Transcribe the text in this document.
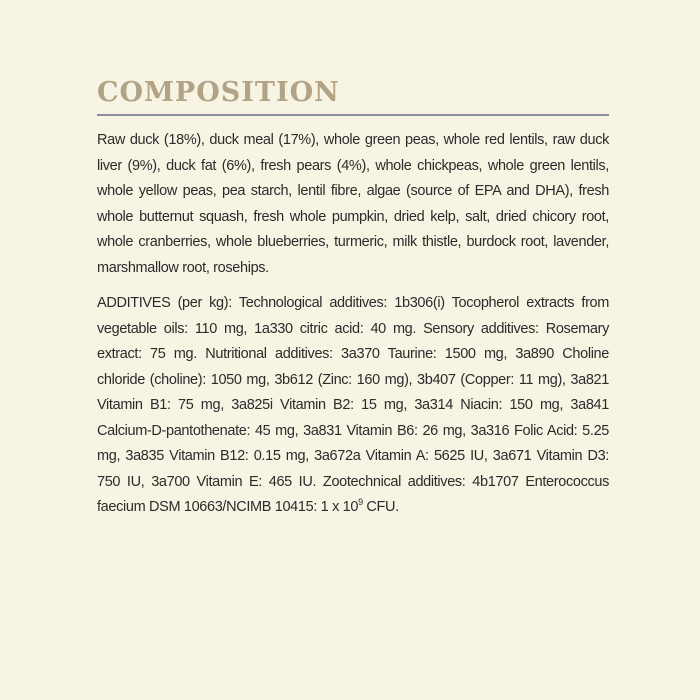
COMPOSITION

Raw duck (18%), duck meal (17%), whole green peas, whole red lentils, raw duck liver (9%), duck fat (6%), fresh pears (4%), whole chickpeas, whole green lentils, whole yellow peas, pea starch, lentil fibre, algae (source of EPA and DHA), fresh whole butternut squash, fresh whole pumpkin, dried kelp, salt, dried chicory root, whole cranberries, whole blueberries, turmeric, milk thistle, burdock root, lavender, marshmallow root, rosehips.

ADDITIVES (per kg): Technological additives: 1b306(i) Tocopherol extracts from vegetable oils: 110 mg, 1a330 citric acid: 40 mg. Sensory additives: Rosemary extract: 75 mg. Nutritional additives: 3a370 Taurine: 1500 mg, 3a890 Choline chloride (choline): 1050 mg, 3b612 (Zinc: 160 mg), 3b407 (Copper: 11 mg), 3a821 Vitamin B1: 75 mg, 3a825i Vitamin B2: 15 mg, 3a314 Niacin: 150 mg, 3a841 Calcium-D-pantothenate: 45 mg, 3a831 Vitamin B6: 26 mg, 3a316 Folic Acid: 5.25 mg, 3a835 Vitamin B12: 0.15 mg, 3a672a Vitamin A: 5625 IU, 3a671 Vitamin D3: 750 IU, 3a700 Vitamin E: 465 IU. Zootechnical additives: 4b1707 Enterococcus faecium DSM 10663/NCIMB 10415: 1 x $10^9$ CFU.
